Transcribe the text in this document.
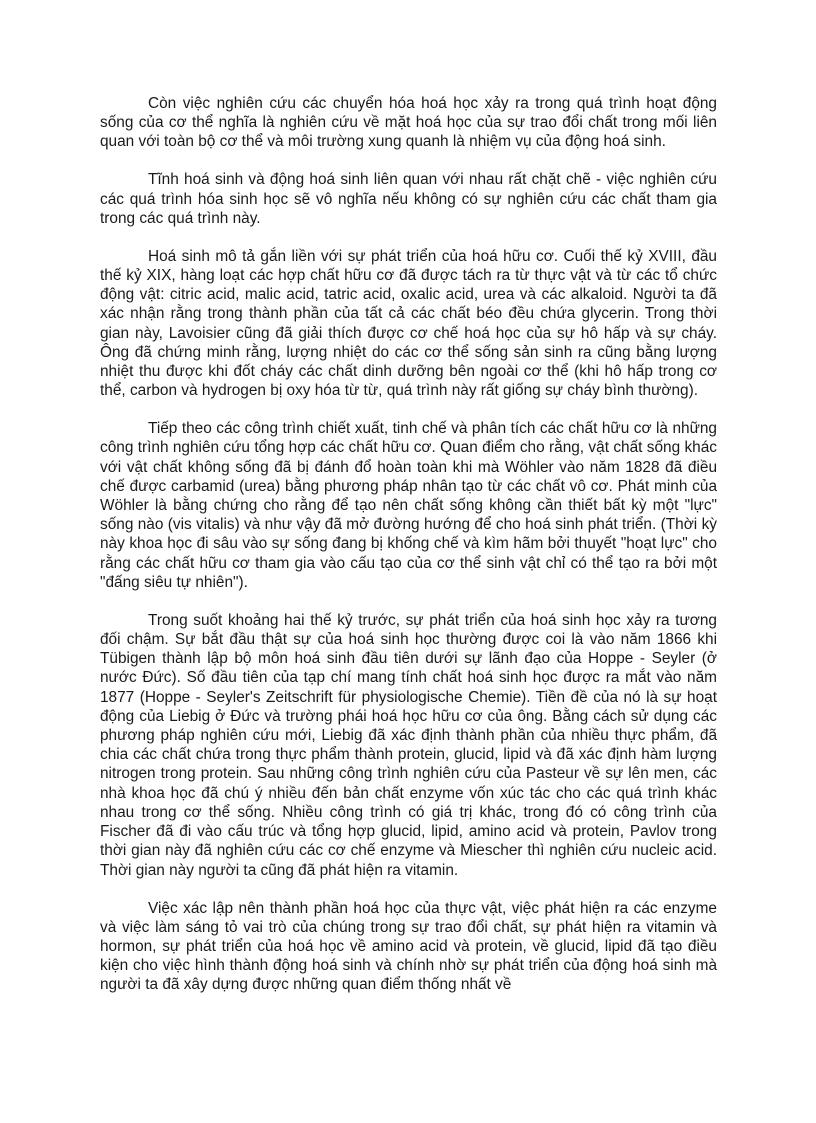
Còn việc nghiên cứu các chuyển hóa hoá học xảy ra trong quá trình hoạt động sống của cơ thể nghĩa là nghiên cứu về mặt hoá học của sự trao đổi chất trong mối liên quan với toàn bộ cơ thể và môi trường xung quanh là nhiệm vụ của động hoá sinh.

Tĩnh hoá sinh và động hoá sinh liên quan với nhau rất chặt chẽ - việc nghiên cứu các quá trình hóa sinh học sẽ vô nghĩa nếu không có sự nghiên cứu các chất tham gia trong các quá trình này.

Hoá sinh mô tả gắn liền với sự phát triển của hoá hữu cơ. Cuối thế kỷ XVIII, đầu thế kỷ XIX, hàng loạt các hợp chất hữu cơ đã được tách ra từ thực vật và từ các tổ chức động vật: citric acid, malic acid, tatric acid, oxalic acid, urea và các alkaloid. Người ta đã xác nhận rằng trong thành phần của tất cả các chất béo đều chứa glycerin. Trong thời gian này, Lavoisier cũng đã giải thích được cơ chế hoá học của sự hô hấp và sự cháy. Ông đã chứng minh rằng, lượng nhiệt do các cơ thể sống sản sinh ra cũng bằng lượng nhiệt thu được khi đốt cháy các chất dinh dưỡng bên ngoài cơ thể (khi hô hấp trong cơ thể, carbon và hydrogen bị oxy hóa từ từ, quá trình này rất giống sự cháy bình thường).

Tiếp theo các công trình chiết xuất, tinh chế và phân tích các chất hữu cơ là những công trình nghiên cứu tổng hợp các chất hữu cơ. Quan điểm cho rằng, vật chất sống khác với vật chất không sống đã bị đánh đổ hoàn toàn khi mà Wöhler vào năm 1828 đã điều chế được carbamid (urea) bằng phương pháp nhân tạo từ các chất vô cơ. Phát minh của Wöhler là bằng chứng cho rằng để tạo nên chất sống không cần thiết bất kỳ một "lực" sống nào (vis vitalis) và như vậy đã mở đường hướng để cho hoá sinh phát triển. (Thời kỳ này khoa học đi sâu vào sự sống đang bị khống chế và kìm hãm bởi thuyết "hoạt lực" cho rằng các chất hữu cơ tham gia vào cấu tạo của cơ thể sinh vật chỉ có thể tạo ra bởi một "đấng siêu tự nhiên").

Trong suốt khoảng hai thế kỷ trước, sự phát triển của hoá sinh học xảy ra tương đối chậm. Sự bắt đầu thật sự của hoá sinh học thường được coi là vào năm 1866 khi Tübigen thành lập bộ môn hoá sinh đầu tiên dưới sự lãnh đạo của Hoppe - Seyler (ở nước Đức). Số đầu tiên của tạp chí mang tính chất hoá sinh học được ra mắt vào năm 1877 (Hoppe - Seyler's Zeitschrift für physiologische Chemie). Tiền đề của nó là sự hoạt động của Liebig ở Đức và trường phái hoá học hữu cơ của ông. Bằng cách sử dụng các phương pháp nghiên cứu mới, Liebig đã xác định thành phần của nhiều thực phẩm, đã chia các chất chứa trong thực phẩm thành protein, glucid, lipid và đã xác định hàm lượng nitrogen trong protein. Sau những công trình nghiên cứu của Pasteur về sự lên men, các nhà khoa học đã chú ý nhiều đến bản chất enzyme vốn xúc tác cho các quá trình khác nhau trong cơ thể sống. Nhiều công trình có giá trị khác, trong đó có công trình của Fischer đã đi vào cấu trúc và tổng hợp glucid, lipid, amino acid và protein, Pavlov trong thời gian này đã nghiên cứu các cơ chế enzyme và Miescher thì nghiên cứu nucleic acid. Thời gian này người ta cũng đã phát hiện ra vitamin.

Việc xác lập nên thành phần hoá học của thực vật, việc phát hiện ra các enzyme và việc làm sáng tỏ vai trò của chúng trong sự trao đổi chất, sự phát hiện ra vitamin và hormon, sự phát triển của hoá học về amino acid và protein, về glucid, lipid đã tạo điều kiện cho việc hình thành động hoá sinh và chính nhờ sự phát triển của động hoá sinh mà người ta đã xây dựng được những quan điểm thống nhất về
